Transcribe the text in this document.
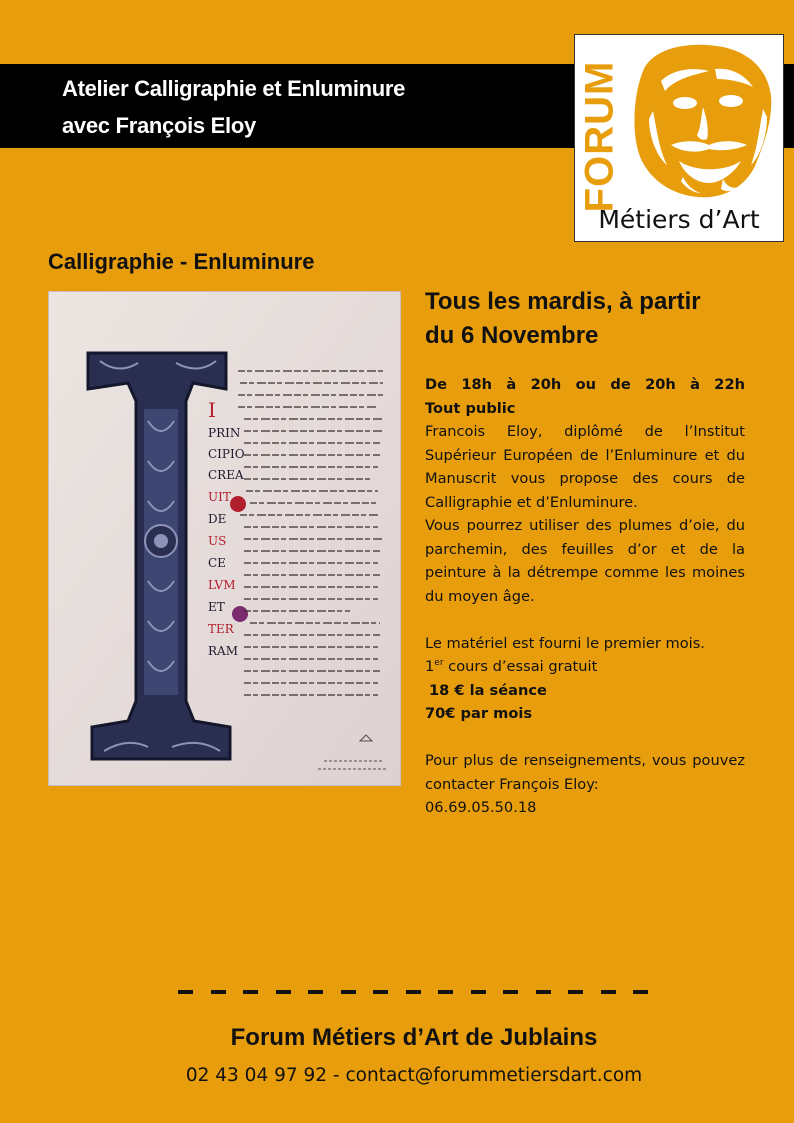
Atelier Calligraphie et Enluminure
avec François Eloy	FORUM
Métiers d’Art
Calligraphie - Enluminure
I
PRIN
CIPIO
CREA
UIT
DE
US
CE
LVM
ET
TER
RAM
Tous les mardis, à partir
du 6 Novembre
De 18h à 20h ou de 20h à 22h
Tout public
Francois Eloy, diplômé de l’Institut Supérieur Européen de l’Enluminure et du Manuscrit vous propose des cours de Calligraphie et d’Enluminure.
Vous pourrez utiliser des plumes d’oie, du parchemin, des feuilles d’or et de la peinture à la détrempe comme les moines du moyen âge.
Le matériel est fourni le premier mois.
1er cours d’essai gratuit
18 € la séance
70€ par mois
Pour plus de renseignements, vous pouvez contacter François Eloy:
06.69.05.50.18
Forum Métiers d’Art de Jublains
02 43 04 97 92 - contact@forummetiersdart.com
